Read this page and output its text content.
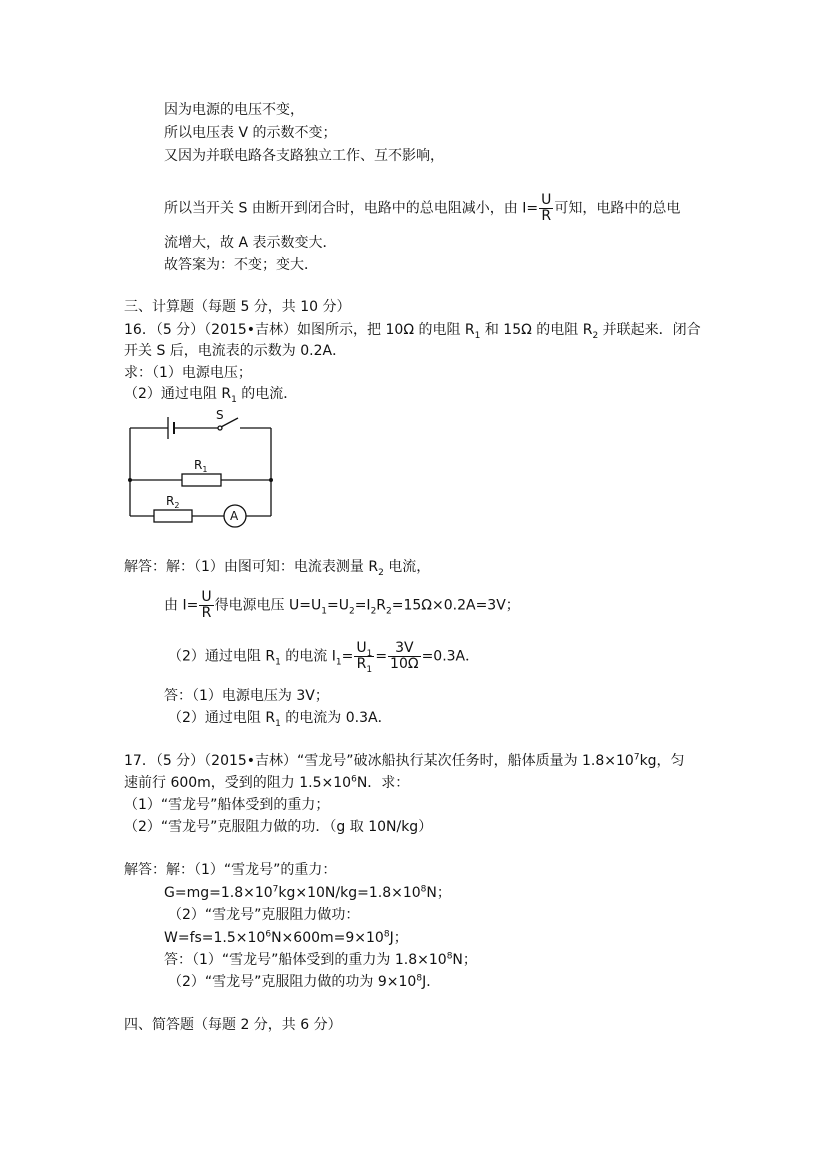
因为电源的电压不变，
所以电压表 V 的示数不变；
又因为并联电路各支路独立工作、互不影响，
所以当开关 S 由断开到闭合时，电路中的总电阻减小，由 $I= \frac{U}{R}$ 可知，电路中的总电
流增大，故 A 表示数变大．
故答案为：不变；变大．
三、计算题（每题 5 分，共 10 分）
16．（5 分）（2015•吉林）如图所示，把 10Ω 的电阻 $R_1$ 和 15Ω 的电阻 $R_2$ 并联起来．闭合
开关 S 后，电流表的示数为 0.2A．
求：（1）电源电压；
（2）通过电阻 $R_1$ 的电流．
S
$R_1$
$R_2$
A
解答：解：（1）由图可知：电流表测量 $R_2$ 电流，
由 $I= \frac{U}{R}$ 得电源电压 $U=U_1=U_2=I_2R_2=15\Omega\times 0.2A=3V$；
（2）通过电阻 $R_1$ 的电流 $I_1= \frac{U_1}{R_1} = \frac{3V}{10\Omega} =0.3A$．
答：（1）电源电压为 3V；
（2）通过电阻 $R_1$ 的电流为 0.3A．
17．（5 分）（2015•吉林）“雪龙号”破冰船执行某次任务时，船体质量为 $1.8\times 10^7kg$，匀
速前行 600m，受到的阻力 $1.5\times 10^6N$．求：
（1）“雪龙号”船体受到的重力；
（2）“雪龙号”克服阻力做的功．（g 取 10N/kg）
解答：解：（1）“雪龙号”的重力：
$G=mg=1.8\times 10^7kg\times 10N/kg=1.8\times 10^8N$；
（2）“雪龙号”克服阻力做功：
$W=fs=1.5\times 10^6N\times 600m=9\times 10^8J$；
答：（1）“雪龙号”船体受到的重力为 $1.8\times 10^8N$；
（2）“雪龙号”克服阻力做的功为 $9\times 10^8J$．
四、简答题（每题 2 分，共 6 分）
